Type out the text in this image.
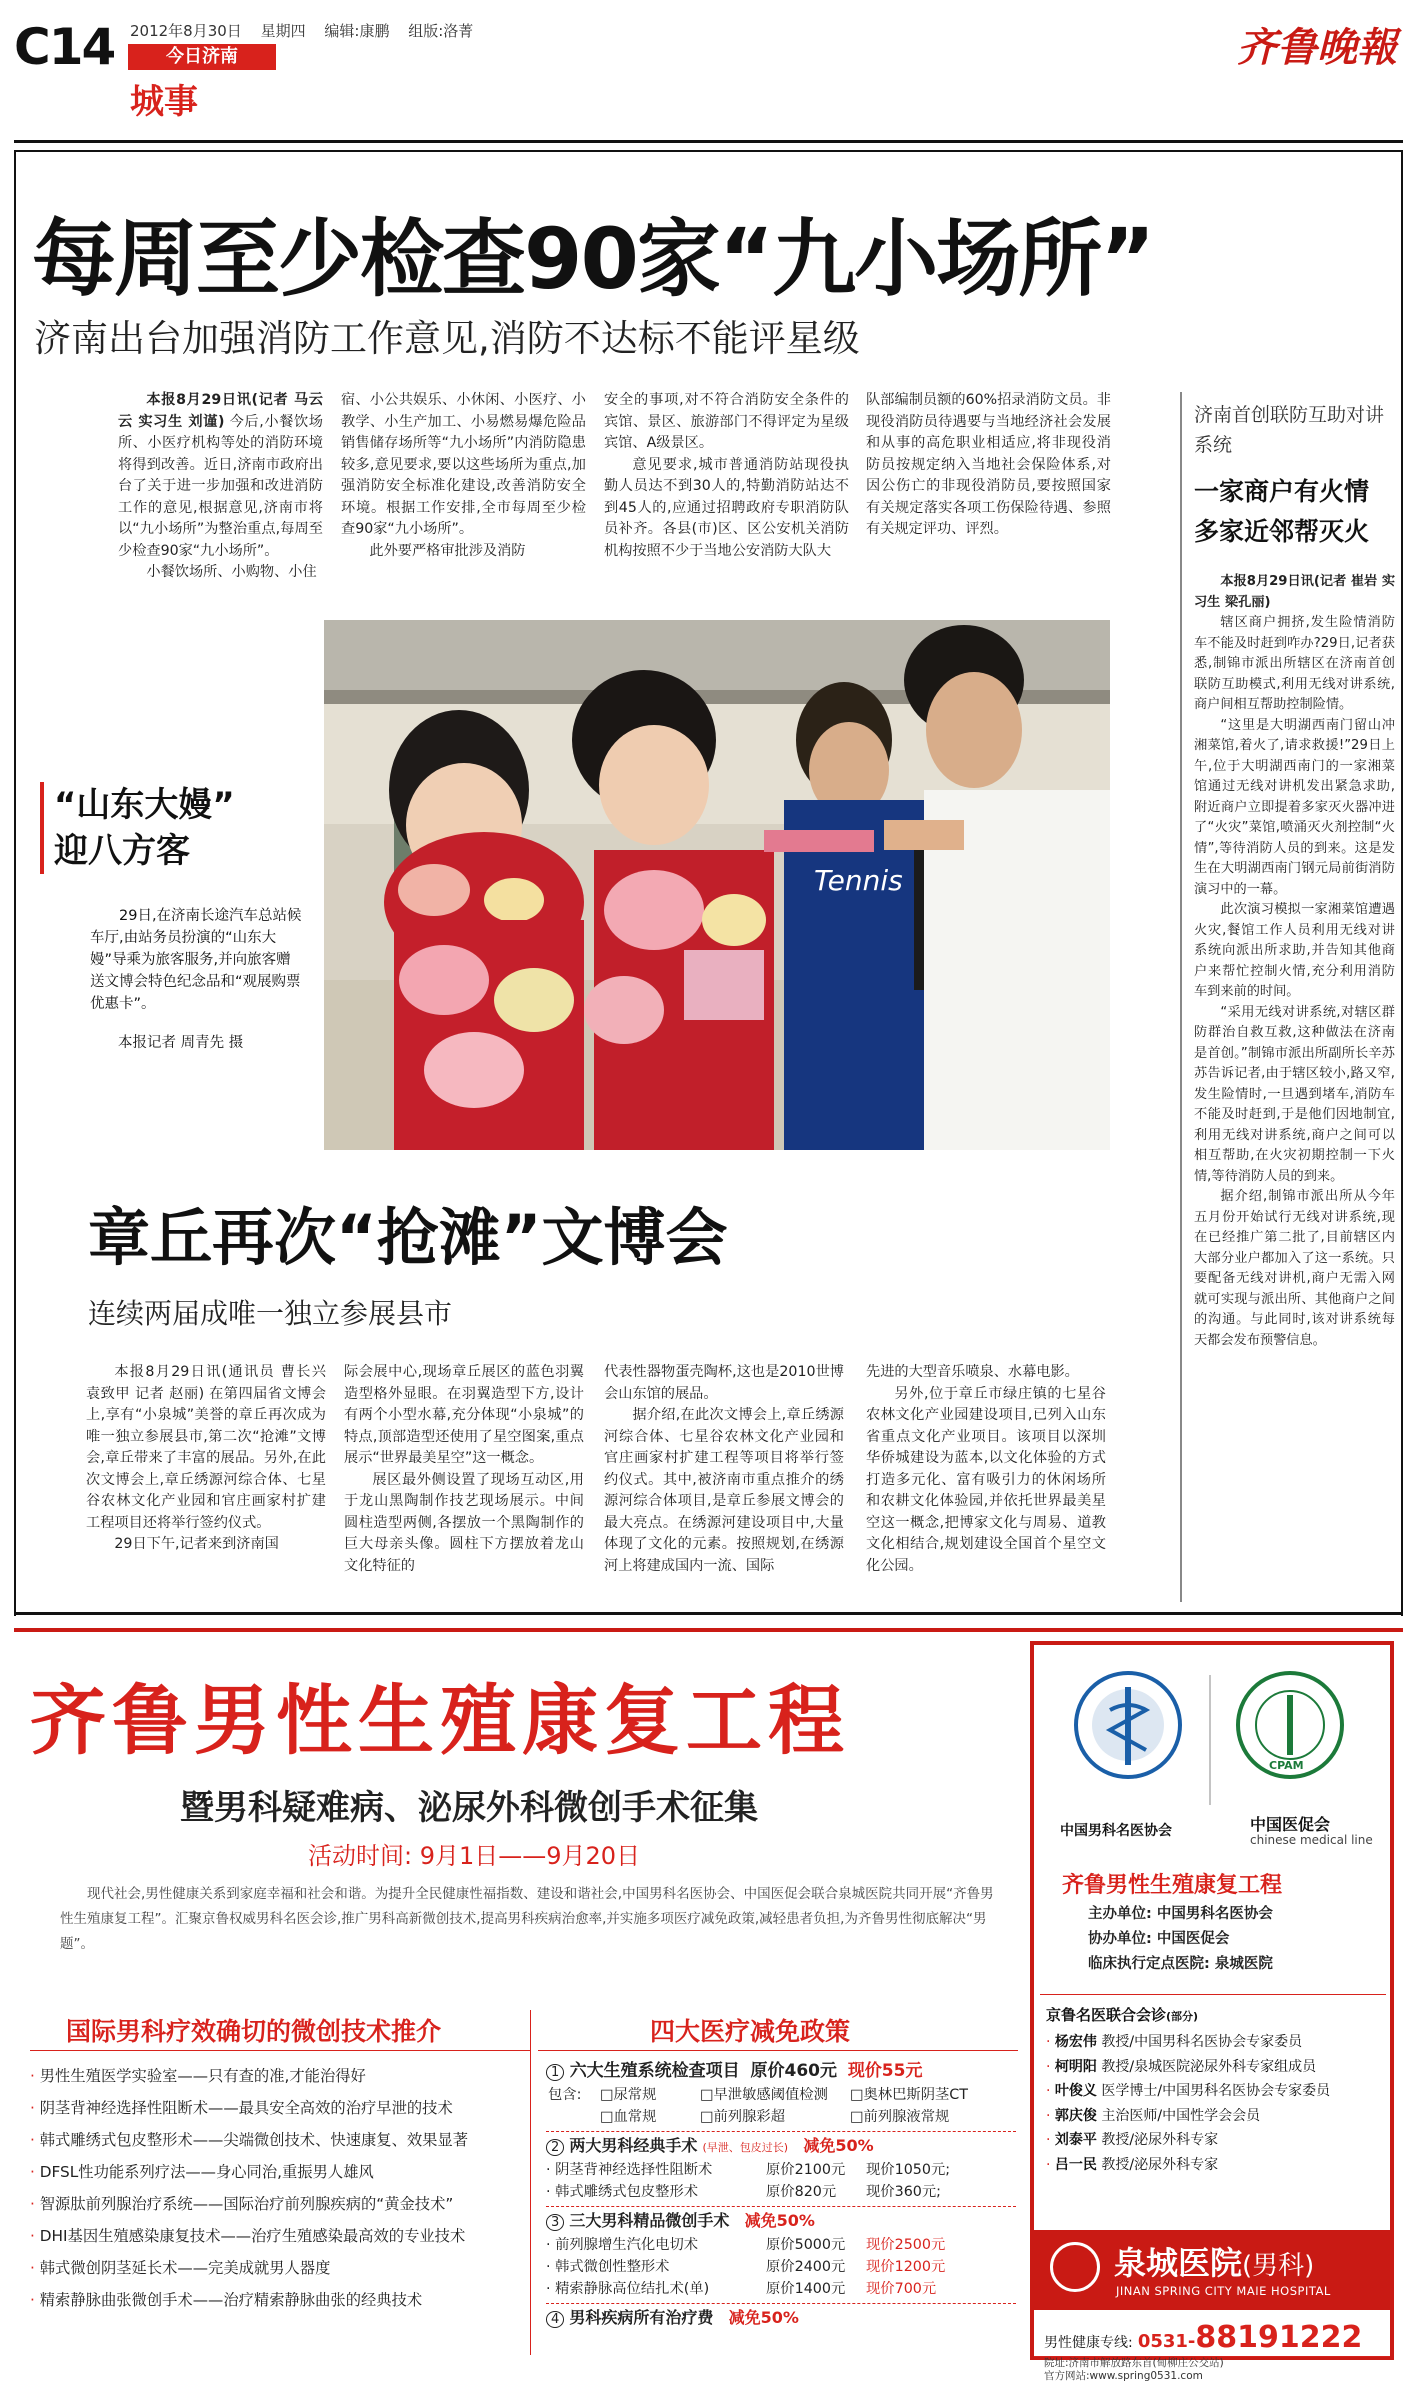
C14 2012年8月30日 星期四 编辑:康鹏 组版:洛菁
今日济南
城事
齐鲁晚報
每周至少检查90家“九小场所”
济南出台加强消防工作意见,消防不达标不能评星级

本报8月29日讯(记者 马云云 实习生 刘谨) 今后,小餐饮场所、小医疗机构等处的消防环境将得到改善。近日,济南市政府出台了关于进一步加强和改进消防工作的意见,根据意见,济南市将以“九小场所”为整治重点,每周至少检查90家“九小场所”。

小餐饮场所、小购物、小住

宿、小公共娱乐、小休闲、小医疗、小教学、小生产加工、小易燃易爆危险品销售储存场所等“九小场所”内消防隐患较多,意见要求,要以这些场所为重点,加强消防安全标准化建设,改善消防安全环境。根据工作安排,全市每周至少检查90家“九小场所”。

此外要严格审批涉及消防

安全的事项,对不符合消防安全条件的宾馆、景区、旅游部门不得评定为星级宾馆、A级景区。

意见要求,城市普通消防站现役执勤人员达不到30人的,特勤消防站达不到45人的,应通过招聘政府专职消防队员补齐。各县(市)区、区公安机关消防机构按照不少于当地公安消防大队大

队部编制员额的60%招录消防文员。非现役消防员待遇要与当地经济社会发展和从事的高危职业相适应,将非现役消防员按规定纳入当地社会保险体系,对因公伤亡的非现役消防员,要按照国家有关规定落实各项工伤保险待遇、参照有关规定评功、评烈。

Tennis
“山东大嫚”
迎八方客
29日,在济南长途汽车总站候车厅,由站务员扮演的“山东大嫚”导乘为旅客服务,并向旅客赠送文博会特色纪念品和“观展购票优惠卡”。
本报记者 周青先 摄
济南首创联防互助对讲系统
一家商户有火情
多家近邻帮灭火

本报8月29日讯(记者 崔岩 实习生 梁孔丽)

辖区商户拥挤,发生险情消防车不能及时赶到咋办?29日,记者获悉,制锦市派出所辖区在济南首创联防互助模式,利用无线对讲系统,商户间相互帮助控制险情。

“这里是大明湖西南门留山冲湘菜馆,着火了,请求救援!”29日上午,位于大明湖西南门的一家湘菜馆通过无线对讲机发出紧急求助,附近商户立即提着多家灭火器冲进了“火灾”菜馆,喷涌灭火剂控制“火情”,等待消防人员的到来。这是发生在大明湖西南门钢元局前街消防演习中的一幕。

此次演习模拟一家湘菜馆遭遇火灾,餐馆工作人员利用无线对讲系统向派出所求助,并告知其他商户来帮忙控制火情,充分利用消防车到来前的时间。

“采用无线对讲系统,对辖区群防群治自救互救,这种做法在济南是首创。”制锦市派出所副所长辛苏苏告诉记者,由于辖区较小,路又窄,发生险情时,一旦遇到堵车,消防车不能及时赶到,于是他们因地制宜,利用无线对讲系统,商户之间可以相互帮助,在火灾初期控制一下火情,等待消防人员的到来。

据介绍,制锦市派出所从今年五月份开始试行无线对讲系统,现在已经推广第二批了,目前辖区内大部分业户都加入了这一系统。只要配备无线对讲机,商户无需入网就可实现与派出所、其他商户之间的沟通。与此同时,该对讲系统每天都会发布预警信息。

章丘再次“抢滩”文博会
连续两届成唯一独立参展县市

本报8月29日讯(通讯员 曹长兴 袁致甲 记者 赵丽) 在第四届省文博会上,享有“小泉城”美誉的章丘再次成为唯一独立参展县市,第二次“抢滩”文博会,章丘带来了丰富的展品。另外,在此次文博会上,章丘绣源河综合体、七星谷农林文化产业园和官庄画家村扩建工程项目还将举行签约仪式。

29日下午,记者来到济南国

际会展中心,现场章丘展区的蓝色羽翼造型格外显眼。在羽翼造型下方,设计有两个小型水幕,充分体现“小泉城”的特点,顶部造型还使用了星空图案,重点展示“世界最美星空”这一概念。

展区最外侧设置了现场互动区,用于龙山黑陶制作技艺现场展示。中间圆柱造型两侧,各摆放一个黑陶制作的巨大母亲头像。圆柱下方摆放着龙山文化特征的

代表性器物蛋壳陶杯,这也是2010世博会山东馆的展品。

据介绍,在此次文博会上,章丘绣源河综合体、七星谷农林文化产业园和官庄画家村扩建工程等项目将举行签约仪式。其中,被济南市重点推介的绣源河综合体项目,是章丘参展文博会的最大亮点。在绣源河建设项目中,大量体现了文化的元素。按照规划,在绣源河上将建成国内一流、国际

先进的大型音乐喷泉、水幕电影。

另外,位于章丘市绿庄镇的七星谷农林文化产业园建设项目,已列入山东省重点文化产业项目。该项目以深圳华侨城建设为蓝本,以文化体验的方式打造多元化、富有吸引力的休闲场所和农耕文化体验园,并依托世界最美星空这一概念,把博家文化与周易、道教文化相结合,规划建设全国首个星空文化公园。

齐鲁男性生殖康复工程
暨男科疑难病、泌尿外科微创手术征集
活动时间: 9月1日——9月20日
现代社会,男性健康关系到家庭幸福和社会和谐。为提升全民健康性福指数、建设和谐社会,中国男科名医协会、中国医促会联合泉城医院共同开展“齐鲁男性生殖康复工程”。汇聚京鲁权威男科名医会诊,推广男科高新微创技术,提高男科疾病治愈率,并实施多项医疗减免政策,减轻患者负担,为齐鲁男性彻底解决“男题”。
国际男科疗效确切的微创技术推介
· 男性生殖医学实验室——只有查的准,才能治得好
· 阴茎背神经选择性阻断术——最具安全高效的治疗早泄的技术
· 韩式雕绣式包皮整形术——尖端微创技术、快速康复、效果显著
· DFSL性功能系列疗法——身心同治,重振男人雄风
· 智源肽前列腺治疗系统——国际治疗前列腺疾病的“黄金技术”
· DHI基因生殖感染康复技术——治疗生殖感染最高效的专业技术
· 韩式微创阴茎延长术——完美成就男人器度
· 精索静脉曲张微创手术——治疗精索静脉曲张的经典技术
四大医疗减免政策
1 六大生殖系统检查项目 原价460元 现价55元
包含:	□尿常规	□早泄敏感阈值检测	□奥林巴斯阴茎CT
□血常规	□前列腺彩超	□前列腺液常规
2 两大男科经典手术 (早泄、包皮过长) 减免50%
· 阴茎背神经选择性阻断术	原价2100元	现价1050元;
· 韩式雕绣式包皮整形术	原价820元	现价360元;
3 三大男科精品微创手术 减免50%
· 前列腺增生汽化电切术	原价5000元	现价2500元
· 韩式微创性整形术	原价2400元	现价1200元
· 精索静脉高位结扎术(单)	原价1400元	现价700元
4 男科疾病所有治疗费 减免50%
CPAM
中国男科名医协会	中国医促会
chinese medical line
齐鲁男性生殖康复工程
主办单位: 中国男科名医协会
协办单位: 中国医促会
临床执行定点医院: 泉城医院
京鲁名医联合会诊(部分)
· 杨宏伟 教授/中国男科名医协会专家委员
· 柯明阳 教授/泉城医院泌尿外科专家组成员
· 叶俊义 医学博士/中国男科名医协会专家委员
· 郭庆俊 主治医师/中国性学会会员
· 刘泰平 教授/泌尿外科专家
· 吕一民 教授/泌尿外科专家
泉城医院(男科)
JINAN SPRING CITY MAIE HOSPITAL
男性健康专线: 0531-88191222
院址:济南市解放路东首(甸柳庄公交站)
官方网站:www.spring0531.com
